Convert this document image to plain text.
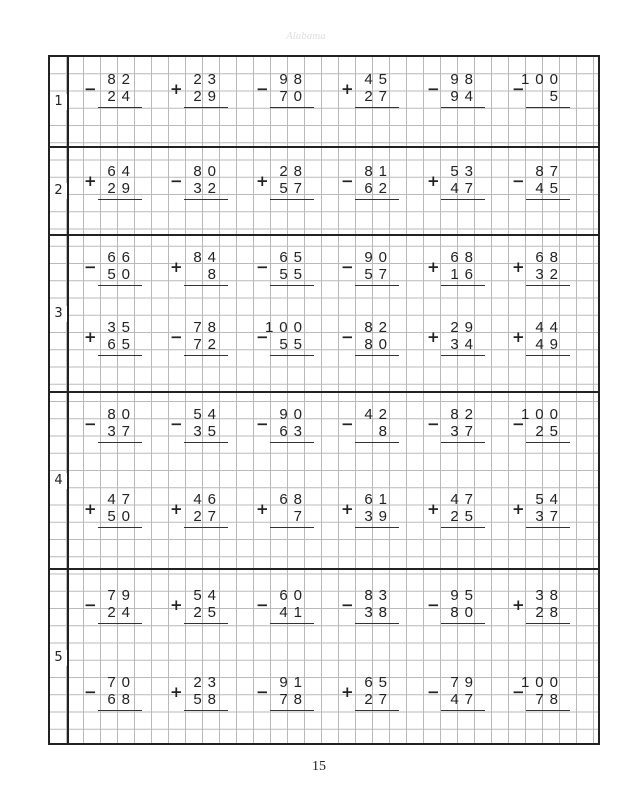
Alabama
1
−
82
24 +
23
29 −
98
70 +
45
27 −
98
94 −
100
5
2
+
64
29 −
80
32 +
28
57 −
81
62 +
53
47 −
87
45
3
−
66
50 +
84
8 −
65
55 −
90
57 +
68
16 +
68
32
+
35
65 −
78
72 −
100
55 −
82
80 +
29
34 +
44
49
4
−
80
37 −
54
35 −
90
63 −
42
8 −
82
37 −
100
25
+
47
50 +
46
27 +
68
7 +
61
39 +
47
25 +
54
37
5
−
79
24 +
54
25 −
60
41 −
83
38 −
95
80 +
38
28
−
70
68 +
23
58 −
91
78 +
65
27 −
79
47 −
100
78
15
